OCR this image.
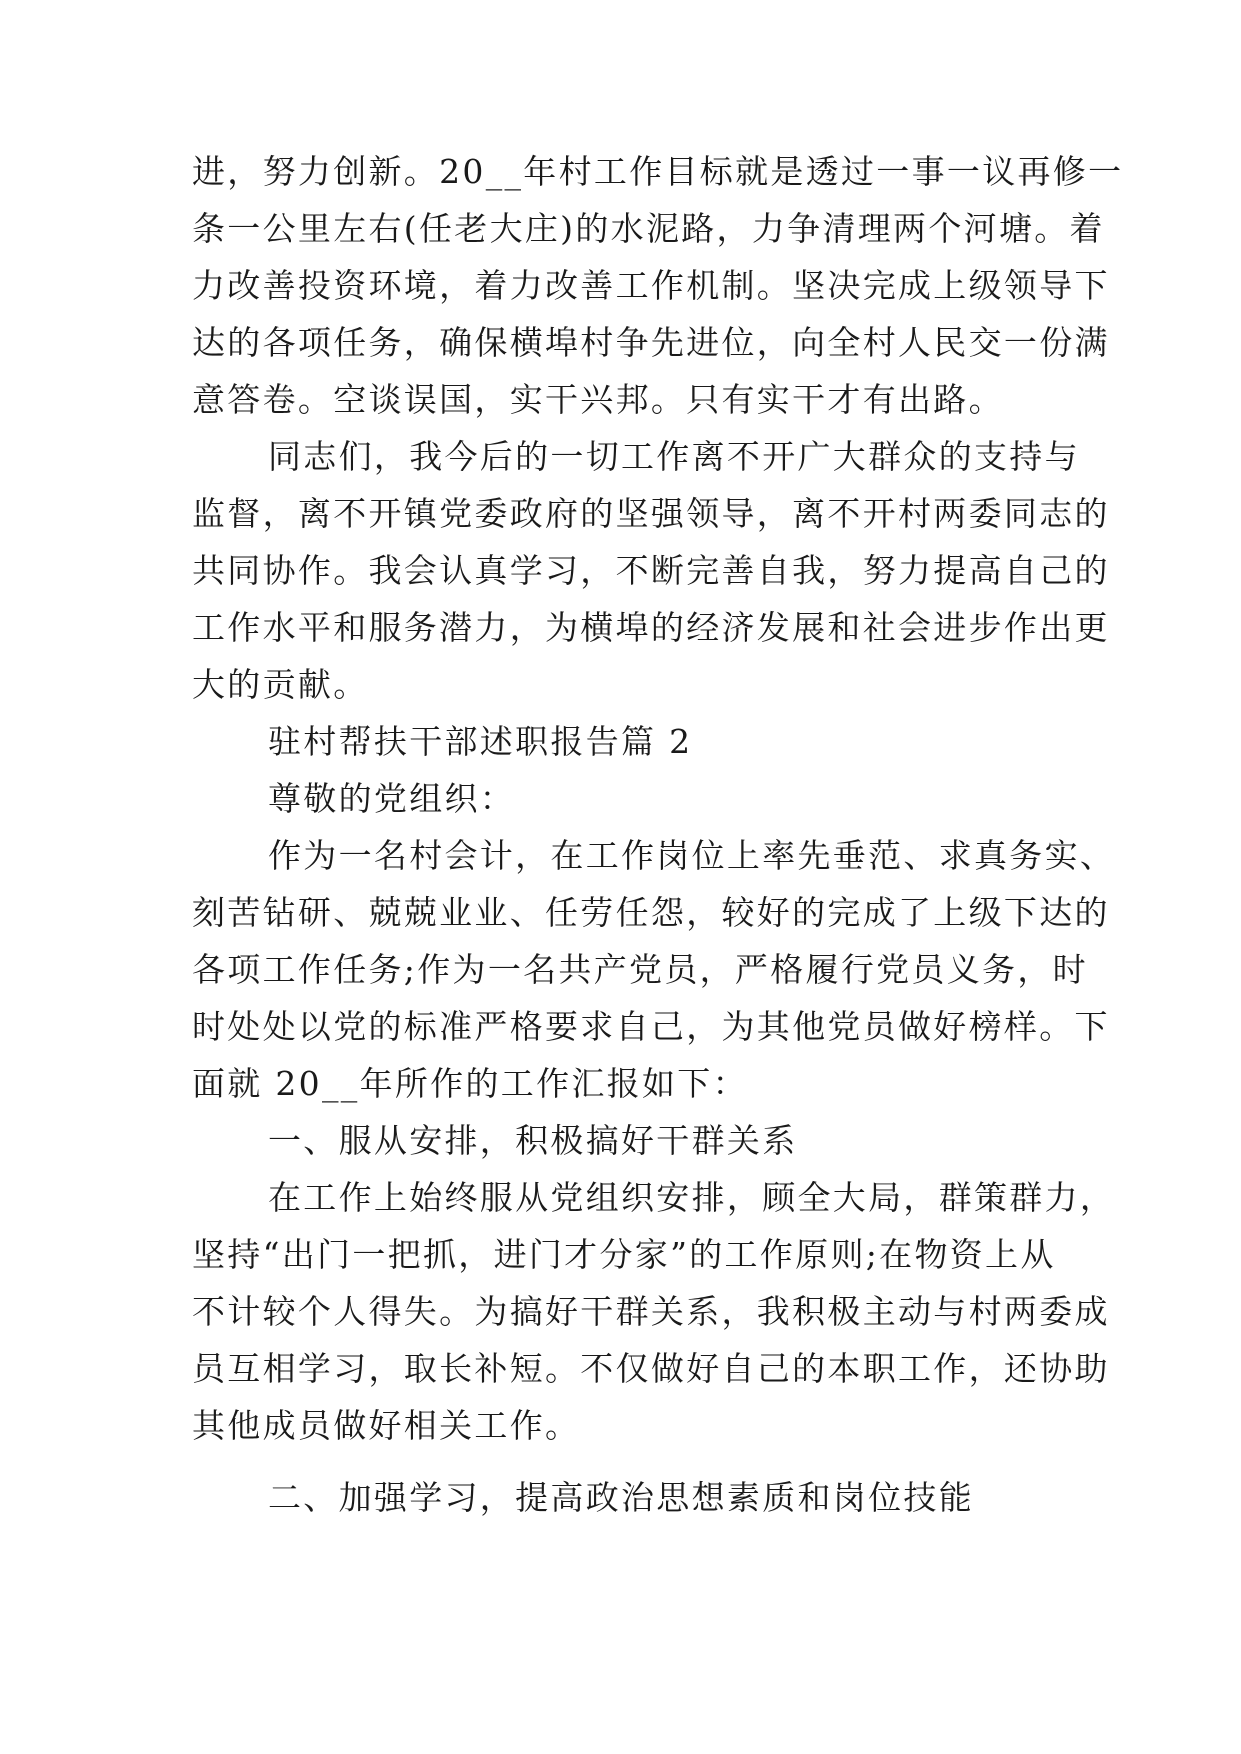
进，努力创新。20__年村工作目标就是透过一事一议再修一
条一公里左右(任老大庄)的水泥路，力争清理两个河塘。着
力改善投资环境，着力改善工作机制。坚决完成上级领导下
达的各项任务，确保横埠村争先进位，向全村人民交一份满
意答卷。空谈误国，实干兴邦。只有实干才有出路。
同志们，我今后的一切工作离不开广大群众的支持与
监督，离不开镇党委政府的坚强领导，离不开村两委同志的
共同协作。我会认真学习，不断完善自我，努力提高自己的
工作水平和服务潜力，为横埠的经济发展和社会进步作出更
大的贡献。
驻村帮扶干部述职报告篇 2
尊敬的党组织：
作为一名村会计，在工作岗位上率先垂范、求真务实、
刻苦钻研、兢兢业业、任劳任怨，较好的完成了上级下达的
各项工作任务;作为一名共产党员，严格履行党员义务，时
时处处以党的标准严格要求自己，为其他党员做好榜样。下
面就 20__年所作的工作汇报如下：
一、服从安排，积极搞好干群关系
在工作上始终服从党组织安排，顾全大局，群策群力，
坚持“出门一把抓，进门才分家”的工作原则;在物资上从
不计较个人得失。为搞好干群关系，我积极主动与村两委成
员互相学习，取长补短。不仅做好自己的本职工作，还协助
其他成员做好相关工作。
二、加强学习，提高政治思想素质和岗位技能
